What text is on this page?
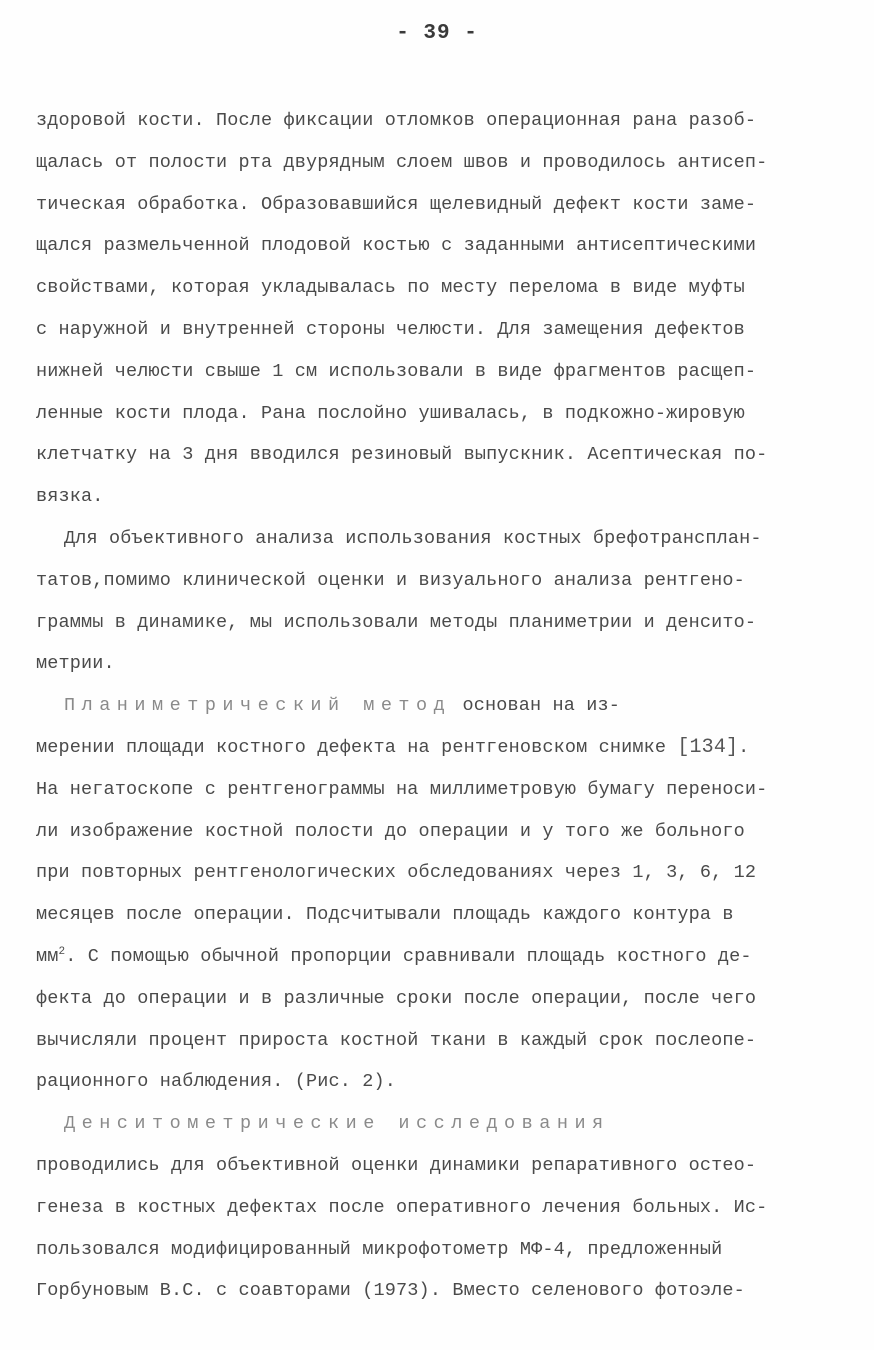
- 39 -
здоровой кости. После фиксации отломков операционная рана разоб-
щалась от полости рта двурядным слоем швов и проводилось антисеп-
тическая обработка. Образовавшийся щелевидный дефект кости заме-
щался размельченной плодовой костью с заданными антисептическими
свойствами, которая укладывалась по месту перелома в виде муфты
с наружной и внутренней стороны челюсти. Для замещения дефектов
нижней челюсти свыше 1 см использовали в виде фрагментов расщеп-
ленные кости плода. Рана послойно ушивалась, в подкожно-жировую
клетчатку на 3 дня вводился резиновый выпускник. Асептическая по-
вязка.
Для объективного анализа использования костных брефотрансплан-
татов,помимо клинической оценки и визуального анализа рентгено-
граммы в динамике, мы использовали методы планиметрии и денсито-
метрии.
Планиметрический метод основан на из-
мерении площади костного дефекта на рентгеновском снимке [134].
На негатоскопе с рентгенограммы на миллиметровую бумагу переноси-
ли изображение костной полости до операции и у того же больного
при повторных рентгенологических обследованиях через 1, 3, 6, 12
месяцев после операции. Подсчитывали площадь каждого контура в
$мм^2$. С помощью обычной пропорции сравнивали площадь костного де-
фекта до операции и в различные сроки после операции, после чего
вычисляли процент прироста костной ткани в каждый срок послеопе-
рационного наблюдения. (Рис. 2).
Денситометрические исследования
проводились для объективной оценки динамики репаративного остео-
генеза в костных дефектах после оперативного лечения больных. Ис-
пользовался модифицированный микрофотометр МФ-4, предложенный
Горбуновым В.С. с соавторами (1973). Вместо селенового фотоэле-
